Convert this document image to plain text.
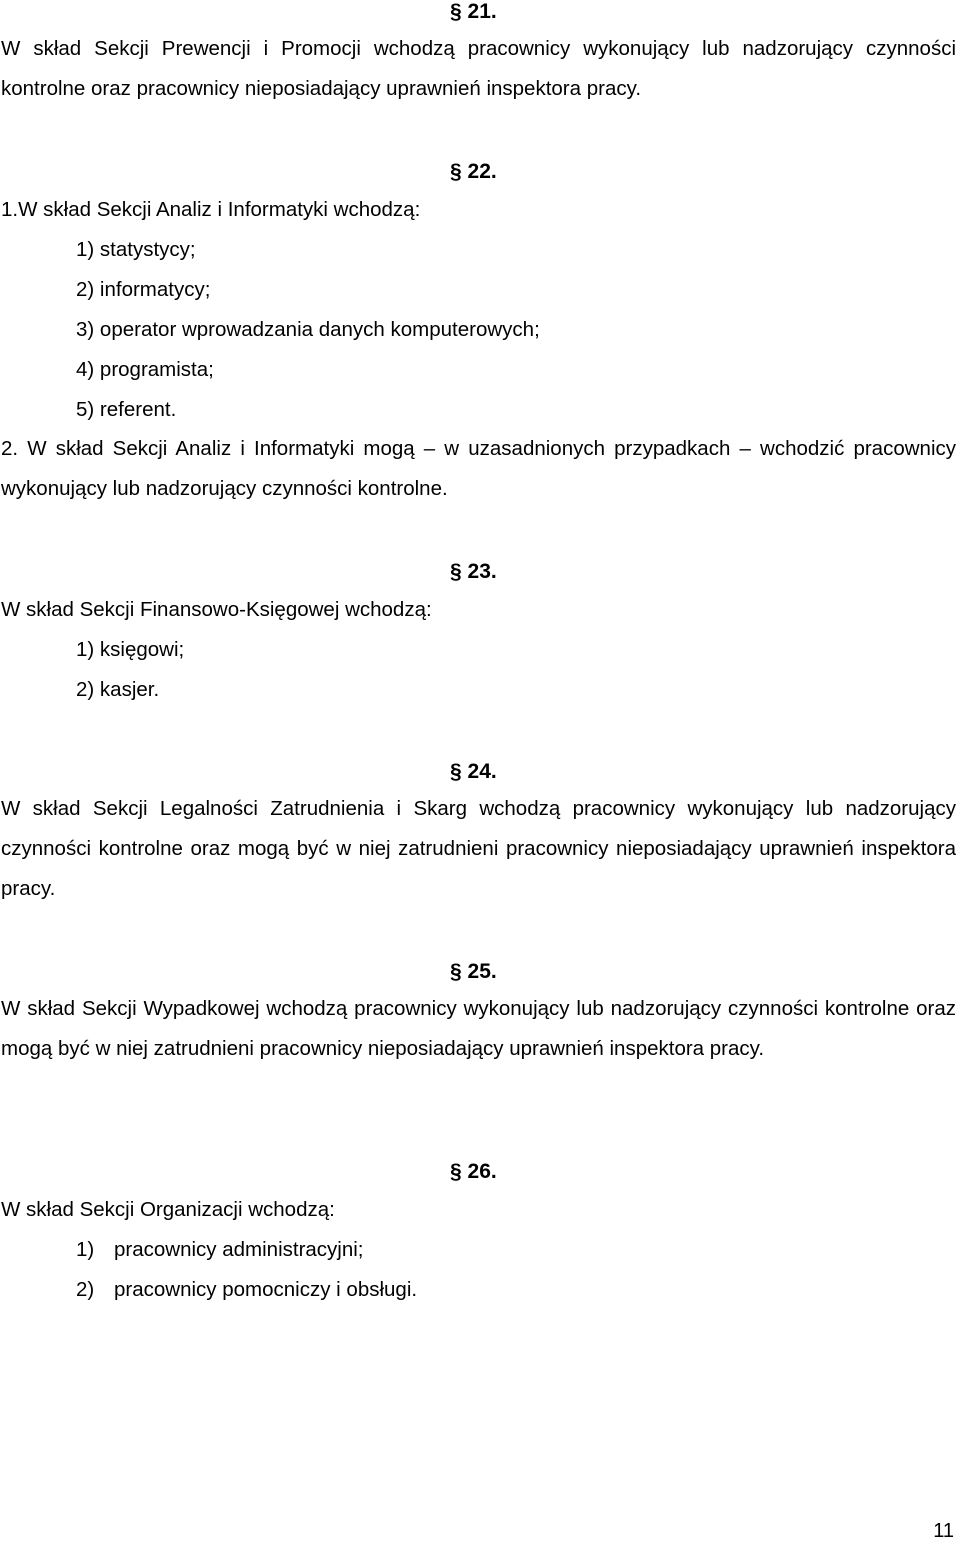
§ 21.

W skład Sekcji Prewencji i Promocji wchodzą pracownicy wykonujący lub nadzorujący czynności kontrolne oraz pracownicy nieposiadający uprawnień inspektora pracy.

§ 22.
1.W skład Sekcji Analiz i Informatyki wchodzą:
1) statystycy;
2) informatycy;
3) operator wprowadzania danych komputerowych;
4) programista;
5) referent.

2. W skład Sekcji Analiz i Informatyki mogą – w uzasadnionych przypadkach – wchodzić pracownicy wykonujący lub nadzorujący czynności kontrolne.

§ 23.
W skład Sekcji Finansowo-Księgowej wchodzą:
1) księgowi;
2) kasjer.
§ 24.

W skład Sekcji Legalności Zatrudnienia i Skarg wchodzą pracownicy wykonujący lub nadzorujący czynności kontrolne oraz mogą być w niej zatrudnieni pracownicy nieposiadający uprawnień inspektora pracy.

§ 25.

W skład Sekcji Wypadkowej wchodzą pracownicy wykonujący lub nadzorujący czynności kontrolne oraz mogą być w niej zatrudnieni pracownicy nieposiadający uprawnień inspektora pracy.

§ 26.
W skład Sekcji Organizacji wchodzą:
1) pracownicy administracyjni;
2) pracownicy pomocniczy i obsługi.
11
